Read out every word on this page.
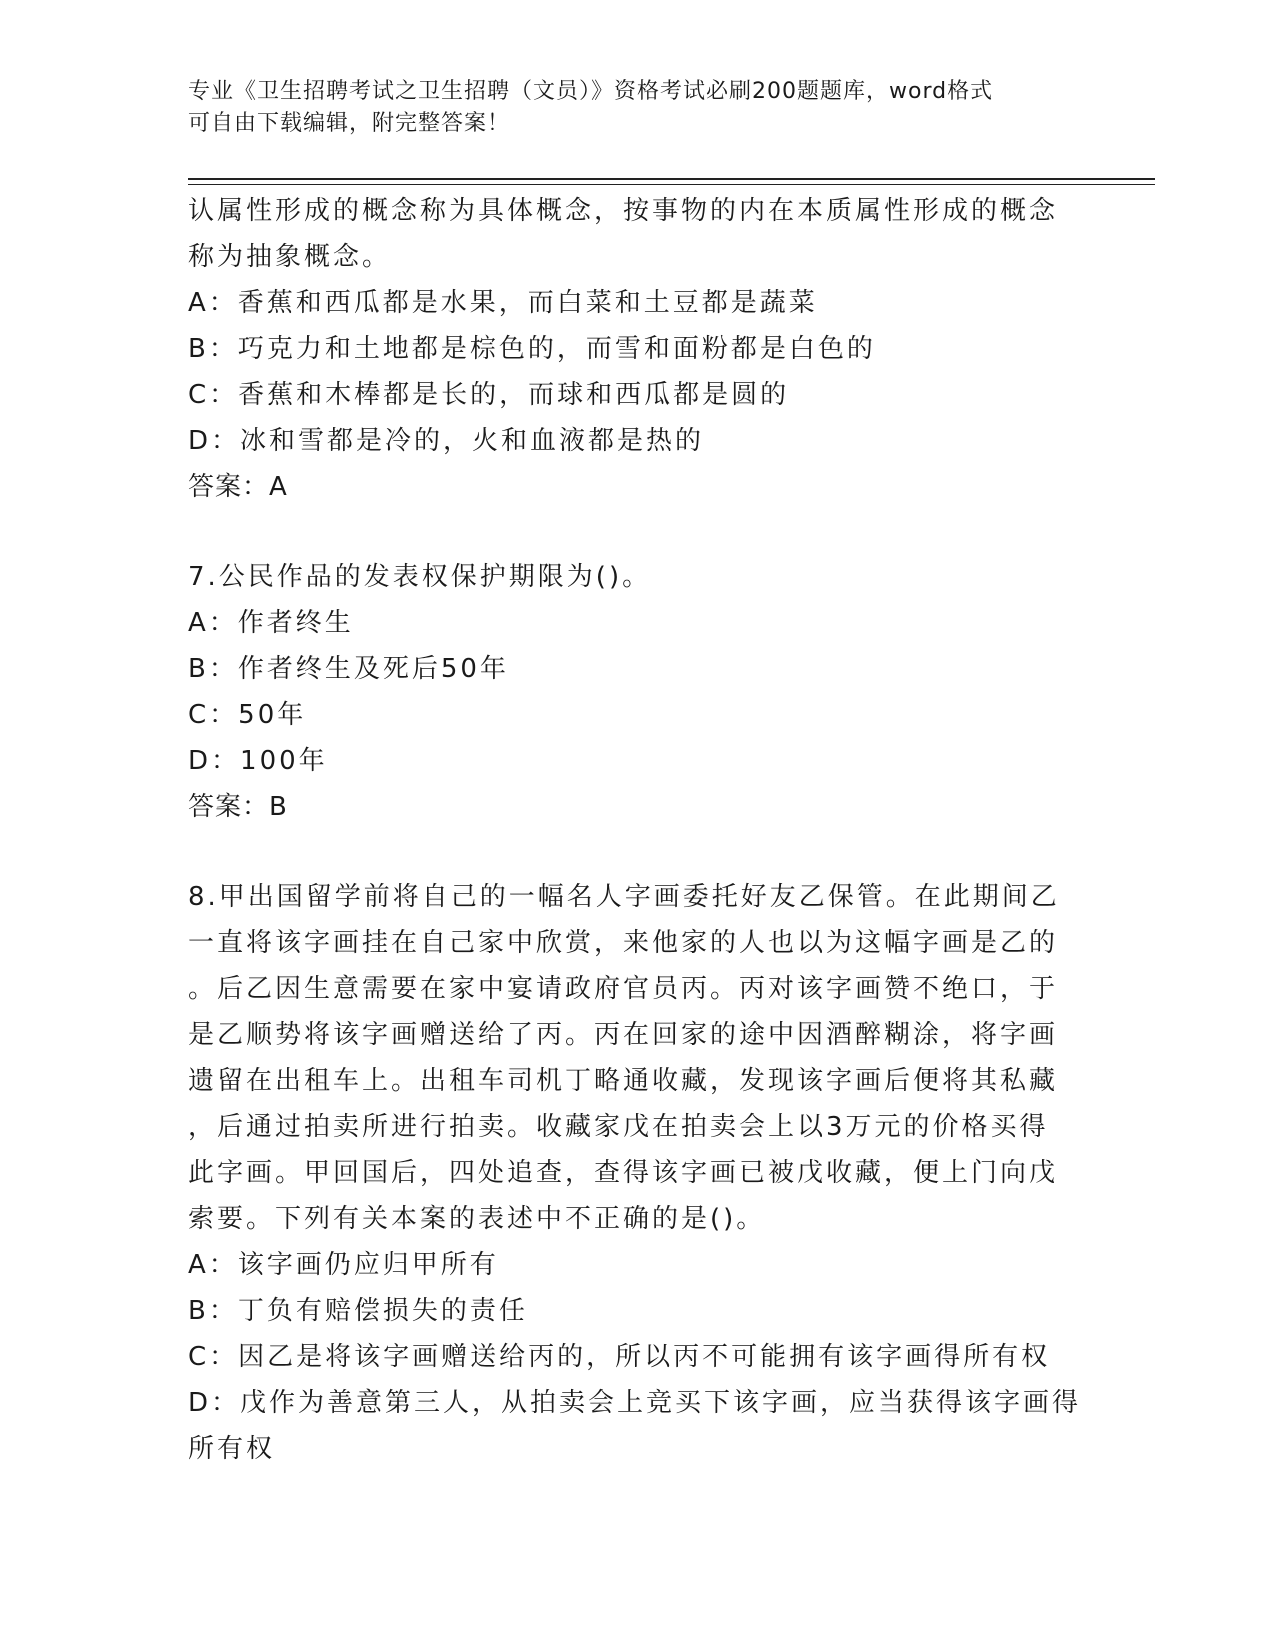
专业《卫生招聘考试之卫生招聘（文员）》资格考试必刷200题题库，word格式
可自由下载编辑，附完整答案！
认属性形成的概念称为具体概念，按事物的内在本质属性形成的概念
称为抽象概念。
A：香蕉和西瓜都是水果，而白菜和土豆都是蔬菜
B：巧克力和土地都是棕色的，而雪和面粉都是白色的
C：香蕉和木棒都是长的，而球和西瓜都是圆的
D：冰和雪都是冷的，火和血液都是热的
答案：A
7.公民作品的发表权保护期限为()。
A：作者终生
B：作者终生及死后50年
C：50年
D：100年
答案：B
8.甲出国留学前将自己的一幅名人字画委托好友乙保管。在此期间乙
一直将该字画挂在自己家中欣赏，来他家的人也以为这幅字画是乙的
。后乙因生意需要在家中宴请政府官员丙。丙对该字画赞不绝口，于
是乙顺势将该字画赠送给了丙。丙在回家的途中因酒醉糊涂，将字画
遗留在出租车上。出租车司机丁略通收藏，发现该字画后便将其私藏
，后通过拍卖所进行拍卖。收藏家戊在拍卖会上以3万元的价格买得
此字画。甲回国后，四处追查，查得该字画已被戊收藏，便上门向戊
索要。下列有关本案的表述中不正确的是()。
A：该字画仍应归甲所有
B：丁负有赔偿损失的责任
C：因乙是将该字画赠送给丙的，所以丙不可能拥有该字画得所有权
D：戊作为善意第三人，从拍卖会上竞买下该字画，应当获得该字画得
所有权
